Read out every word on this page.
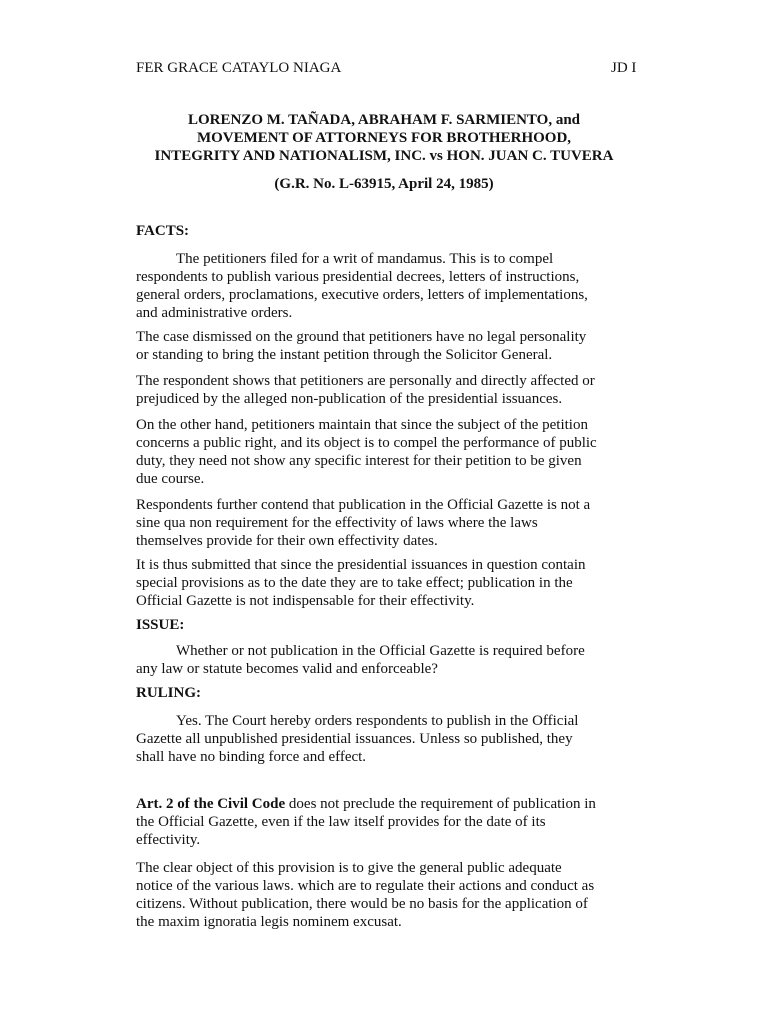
FER GRACE CATAYLO NIAGA	JD I
LORENZO M. TAÑADA, ABRAHAM F. SARMIENTO, and
MOVEMENT OF ATTORNEYS FOR BROTHERHOOD,
INTEGRITY AND NATIONALISM, INC. vs HON. JUAN C. TUVERA
(G.R. No. L-63915, April 24, 1985)
FACTS:
The petitioners filed for a writ of mandamus. This is to compel
respondents to publish various presidential decrees, letters of instructions,
general orders, proclamations, executive orders, letters of implementations,
and administrative orders.
The case dismissed on the ground that petitioners have no legal personality
or standing to bring the instant petition through the Solicitor General.
The respondent shows that petitioners are personally and directly affected or
prejudiced by the alleged non-publication of the presidential issuances.
On the other hand, petitioners maintain that since the subject of the petition
concerns a public right, and its object is to compel the performance of public
duty, they need not show any specific interest for their petition to be given
due course.
Respondents further contend that publication in the Official Gazette is not a
sine qua non requirement for the effectivity of laws where the laws
themselves provide for their own effectivity dates.
It is thus submitted that since the presidential issuances in question contain
special provisions as to the date they are to take effect; publication in the
Official Gazette is not indispensable for their effectivity.
ISSUE:
Whether or not publication in the Official Gazette is required before
any law or statute becomes valid and enforceable?
RULING:
Yes. The Court hereby orders respondents to publish in the Official
Gazette all unpublished presidential issuances. Unless so published, they
shall have no binding force and effect.
Art. 2 of the Civil Code does not preclude the requirement of publication in
the Official Gazette, even if the law itself provides for the date of its
effectivity.
The clear object of this provision is to give the general public adequate
notice of the various laws. which are to regulate their actions and conduct as
citizens. Without publication, there would be no basis for the application of
the maxim ignoratia legis nominem excusat.
